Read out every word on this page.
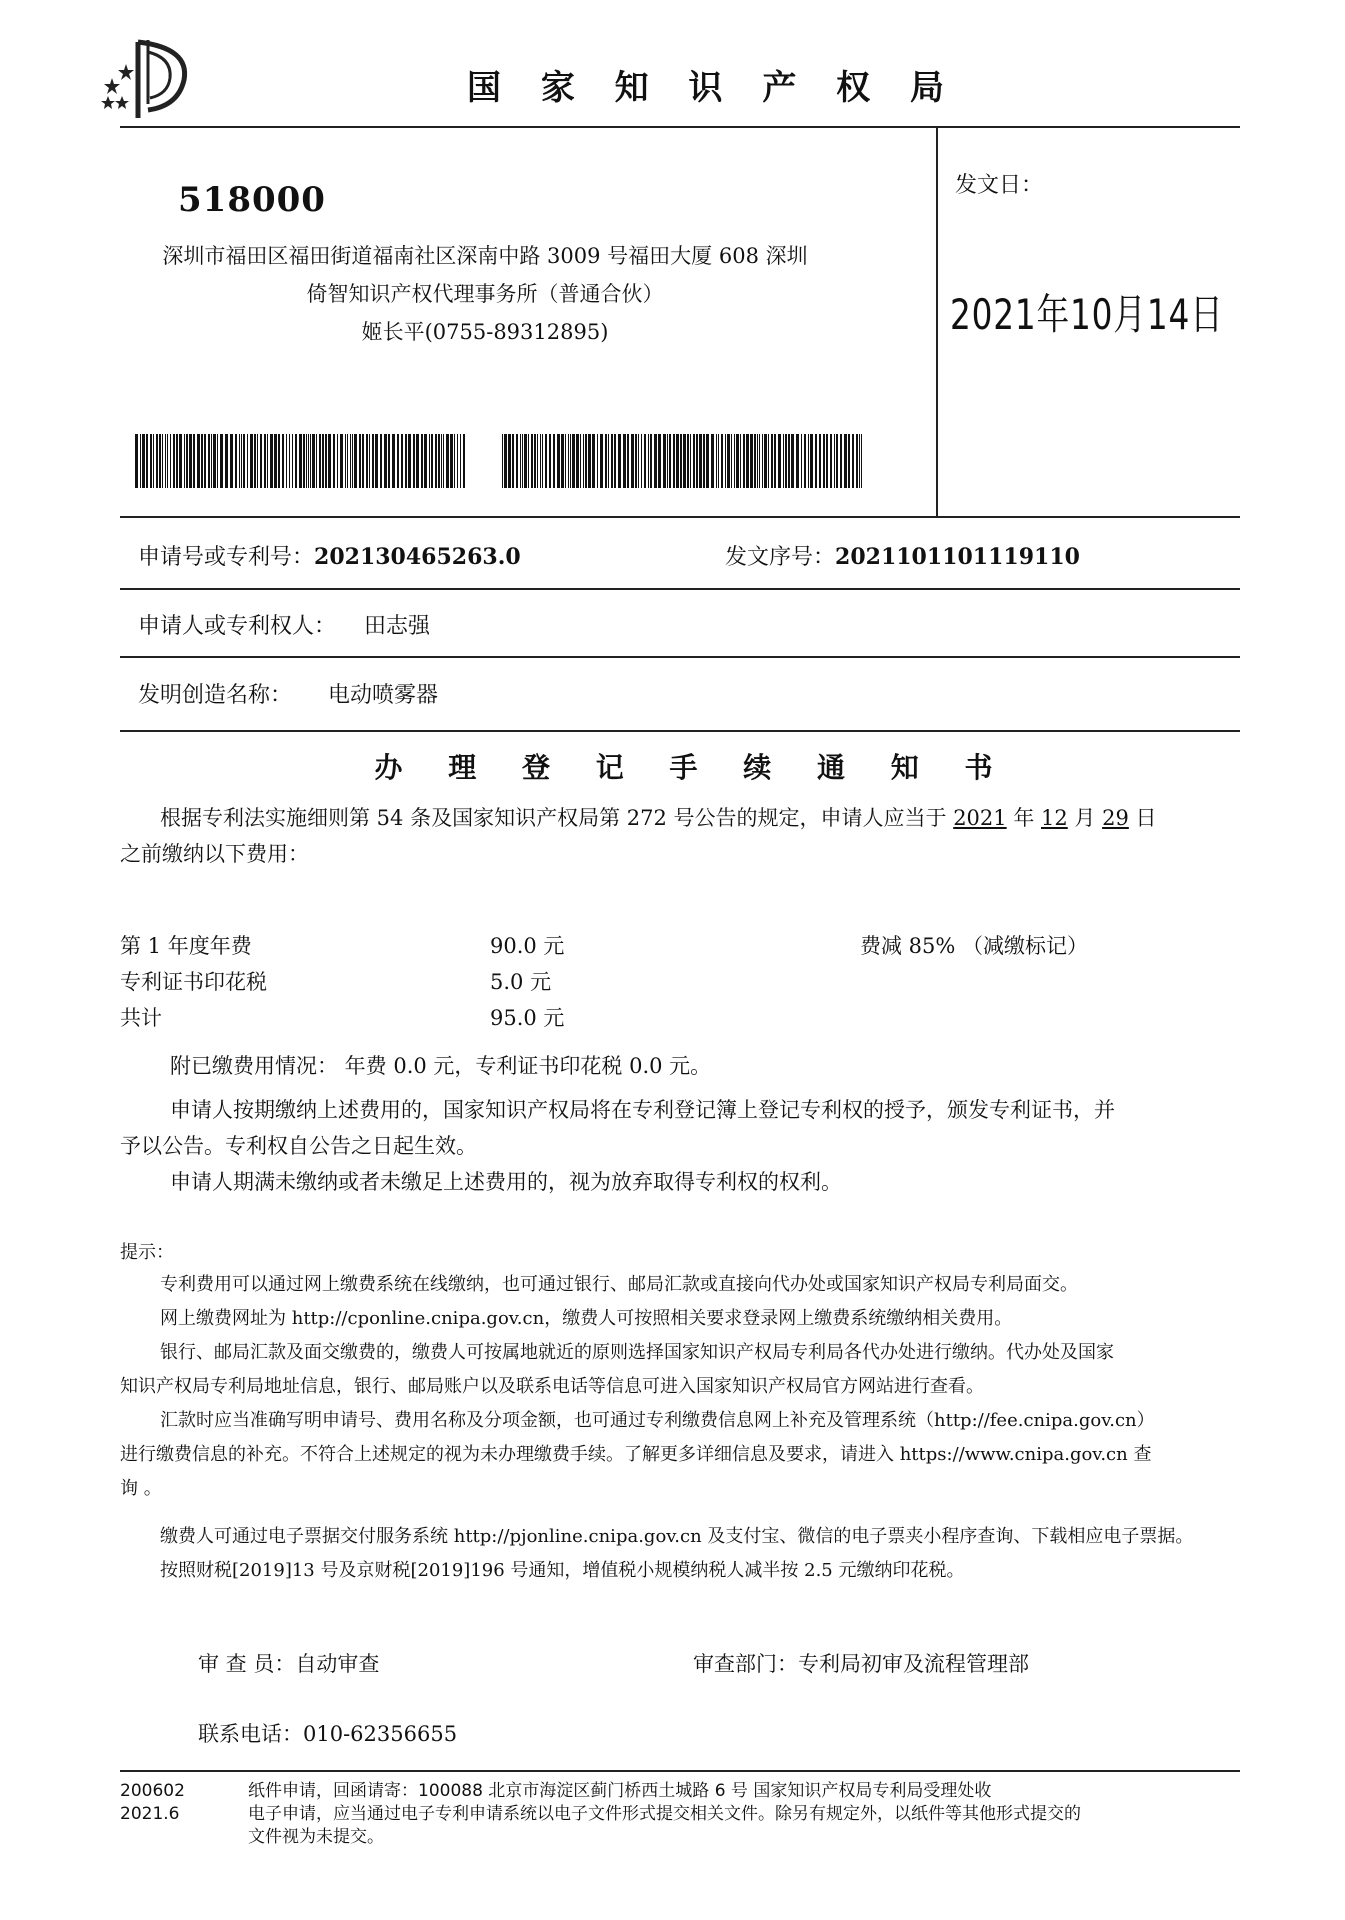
国 家 知 识 产 权 局
518000
深圳市福田区福田街道福南社区深南中路 3009 号福田大厦 608 深圳
倚智知识产权代理事务所（普通合伙）
姬长平(0755-89312895)
发文日：
2021年10月14日
申请号或专利号：202130465263.0	发文序号：2021101101119110
申请人或专利权人： 田志强
发明创造名称： 电动喷雾器
办 理 登 记 手 续 通 知 书
根据专利法实施细则第 54 条及国家知识产权局第 272 号公告的规定，申请人应当于 2021 年 12 月 29 日
之前缴纳以下费用：
第 1 年度年费	90.0 元	费减 85% （减缴标记）
专利证书印花税	5.0 元
共计	95.0 元
附已缴费用情况： 年费 0.0 元，专利证书印花税 0.0 元。
申请人按期缴纳上述费用的，国家知识产权局将在专利登记簿上登记专利权的授予，颁发专利证书，并
予以公告。专利权自公告之日起生效。
申请人期满未缴纳或者未缴足上述费用的，视为放弃取得专利权的权利。
提示：
专利费用可以通过网上缴费系统在线缴纳，也可通过银行、邮局汇款或直接向代办处或国家知识产权局专利局面交。
网上缴费网址为 http://cponline.cnipa.gov.cn，缴费人可按照相关要求登录网上缴费系统缴纳相关费用。
银行、邮局汇款及面交缴费的，缴费人可按属地就近的原则选择国家知识产权局专利局各代办处进行缴纳。代办处及国家
知识产权局专利局地址信息，银行、邮局账户以及联系电话等信息可进入国家知识产权局官方网站进行查看。
汇款时应当准确写明申请号、费用名称及分项金额，也可通过专利缴费信息网上补充及管理系统（http://fee.cnipa.gov.cn）
进行缴费信息的补充。不符合上述规定的视为未办理缴费手续。了解更多详细信息及要求，请进入 https://www.cnipa.gov.cn 查
询 。
缴费人可通过电子票据交付服务系统 http://pjonline.cnipa.gov.cn 及支付宝、微信的电子票夹小程序查询、下载相应电子票据。
按照财税[2019]13 号及京财税[2019]196 号通知，增值税小规模纳税人减半按 2.5 元缴纳印花税。
审 查 员：自动审查	审查部门：专利局初审及流程管理部
联系电话：010-62356655
200602
2021.6
纸件申请，回函请寄：100088 北京市海淀区蓟门桥西土城路 6 号 国家知识产权局专利局受理处收
电子申请，应当通过电子专利申请系统以电子文件形式提交相关文件。除另有规定外，以纸件等其他形式提交的
文件视为未提交。
